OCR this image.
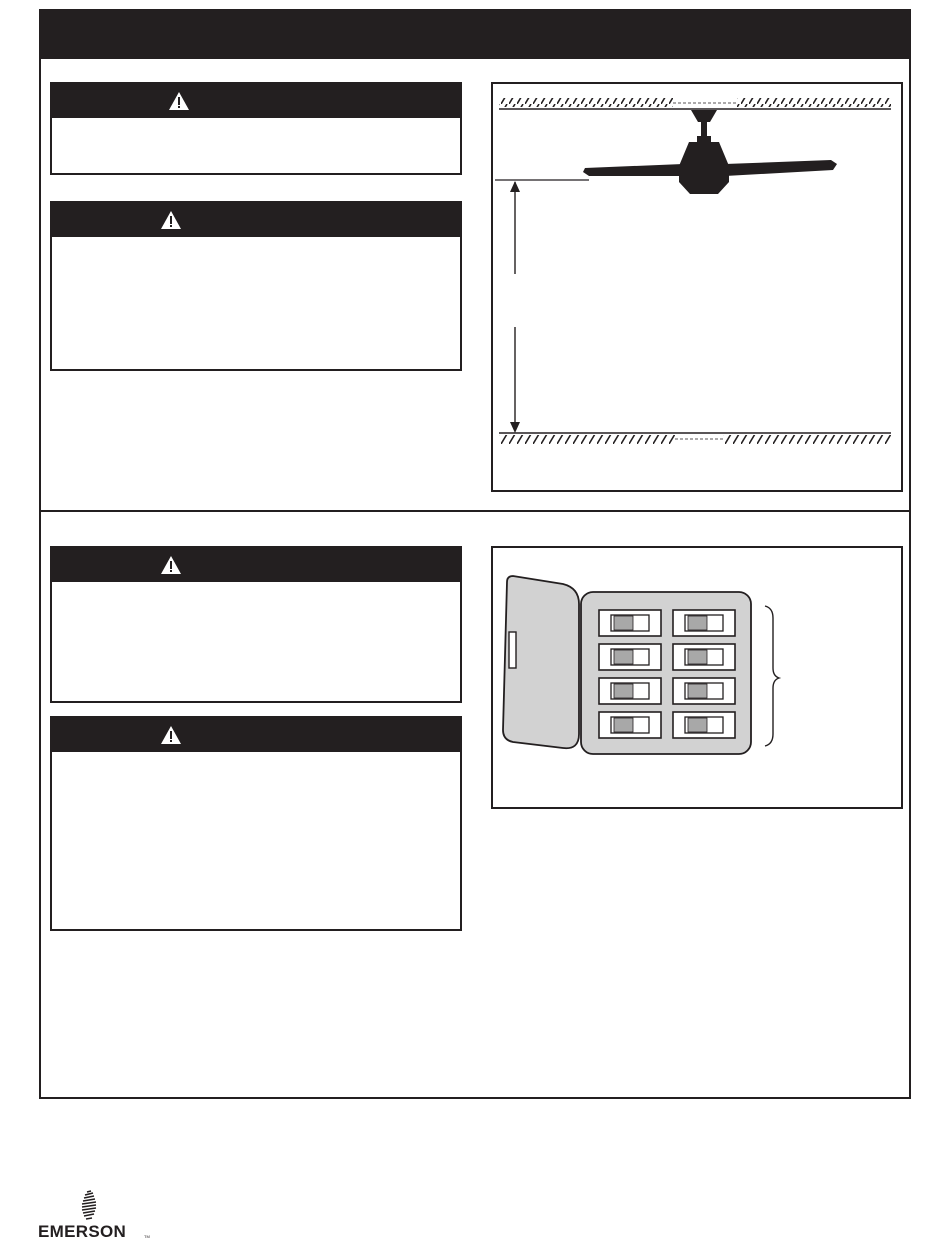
EMERSON	TM
